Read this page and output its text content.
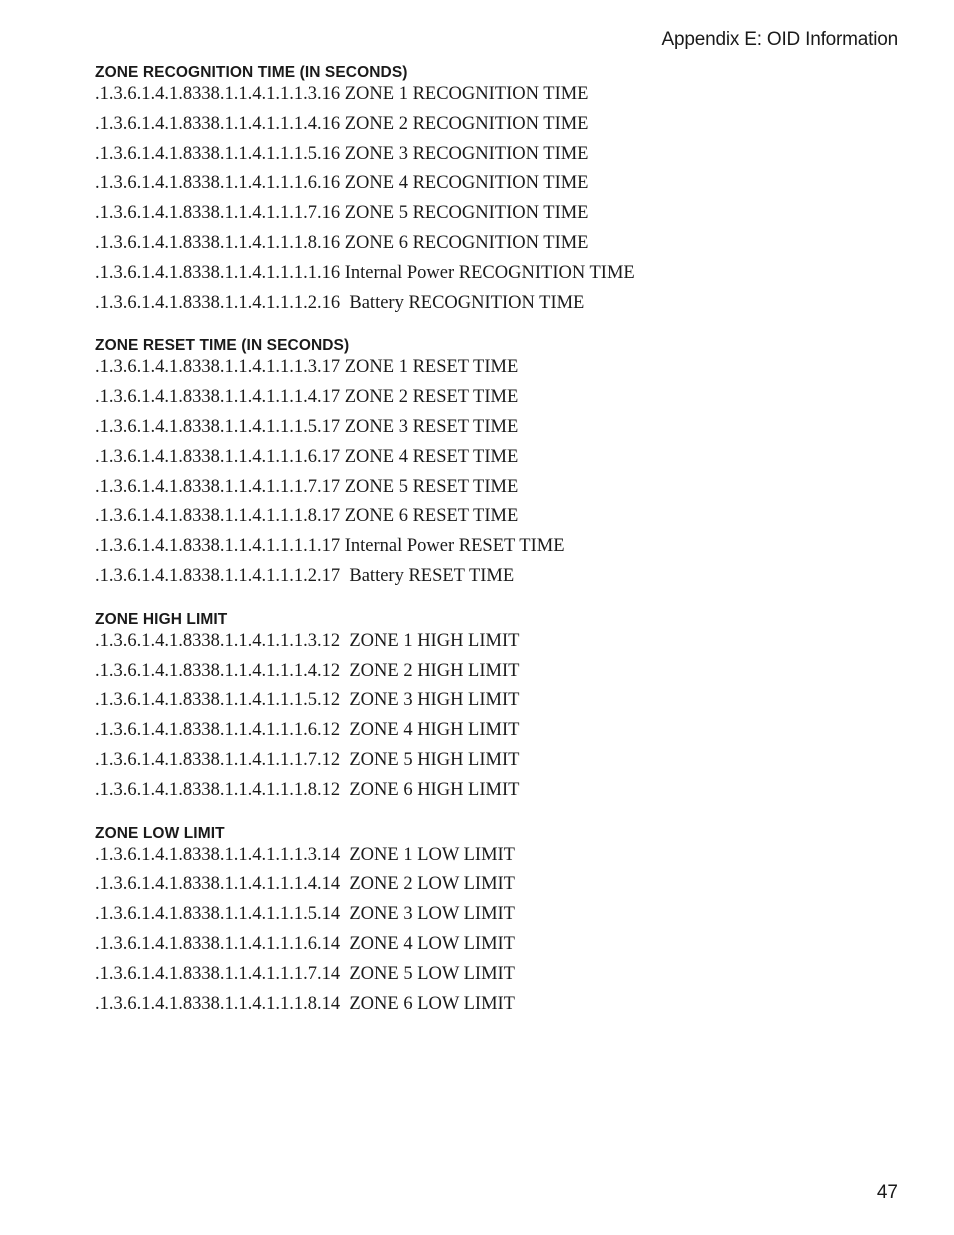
Appendix E: OID Information
ZONE RECOGNITION TIME (IN SECONDS)
.1.3.6.1.4.1.8338.1.1.4.1.1.1.3.16 ZONE 1 RECOGNITION TIME
.1.3.6.1.4.1.8338.1.1.4.1.1.1.4.16 ZONE 2 RECOGNITION TIME
.1.3.6.1.4.1.8338.1.1.4.1.1.1.5.16 ZONE 3 RECOGNITION TIME
.1.3.6.1.4.1.8338.1.1.4.1.1.1.6.16 ZONE 4 RECOGNITION TIME
.1.3.6.1.4.1.8338.1.1.4.1.1.1.7.16 ZONE 5 RECOGNITION TIME
.1.3.6.1.4.1.8338.1.1.4.1.1.1.8.16 ZONE 6 RECOGNITION TIME
.1.3.6.1.4.1.8338.1.1.4.1.1.1.1.16 Internal Power RECOGNITION TIME
.1.3.6.1.4.1.8338.1.1.4.1.1.1.2.16  Battery RECOGNITION TIME
ZONE RESET TIME (IN SECONDS)
.1.3.6.1.4.1.8338.1.1.4.1.1.1.3.17 ZONE 1 RESET TIME
.1.3.6.1.4.1.8338.1.1.4.1.1.1.4.17 ZONE 2 RESET TIME
.1.3.6.1.4.1.8338.1.1.4.1.1.1.5.17 ZONE 3 RESET TIME
.1.3.6.1.4.1.8338.1.1.4.1.1.1.6.17 ZONE 4 RESET TIME
.1.3.6.1.4.1.8338.1.1.4.1.1.1.7.17 ZONE 5 RESET TIME
.1.3.6.1.4.1.8338.1.1.4.1.1.1.8.17 ZONE 6 RESET TIME
.1.3.6.1.4.1.8338.1.1.4.1.1.1.1.17 Internal Power RESET TIME
.1.3.6.1.4.1.8338.1.1.4.1.1.1.2.17  Battery RESET TIME
ZONE HIGH LIMIT
.1.3.6.1.4.1.8338.1.1.4.1.1.1.3.12  ZONE 1 HIGH LIMIT
.1.3.6.1.4.1.8338.1.1.4.1.1.1.4.12  ZONE 2 HIGH LIMIT
.1.3.6.1.4.1.8338.1.1.4.1.1.1.5.12  ZONE 3 HIGH LIMIT
.1.3.6.1.4.1.8338.1.1.4.1.1.1.6.12  ZONE 4 HIGH LIMIT
.1.3.6.1.4.1.8338.1.1.4.1.1.1.7.12  ZONE 5 HIGH LIMIT
.1.3.6.1.4.1.8338.1.1.4.1.1.1.8.12  ZONE 6 HIGH LIMIT
ZONE LOW LIMIT
.1.3.6.1.4.1.8338.1.1.4.1.1.1.3.14  ZONE 1 LOW LIMIT
.1.3.6.1.4.1.8338.1.1.4.1.1.1.4.14  ZONE 2 LOW LIMIT
.1.3.6.1.4.1.8338.1.1.4.1.1.1.5.14  ZONE 3 LOW LIMIT
.1.3.6.1.4.1.8338.1.1.4.1.1.1.6.14  ZONE 4 LOW LIMIT
.1.3.6.1.4.1.8338.1.1.4.1.1.1.7.14  ZONE 5 LOW LIMIT
.1.3.6.1.4.1.8338.1.1.4.1.1.1.8.14  ZONE 6 LOW LIMIT
47
